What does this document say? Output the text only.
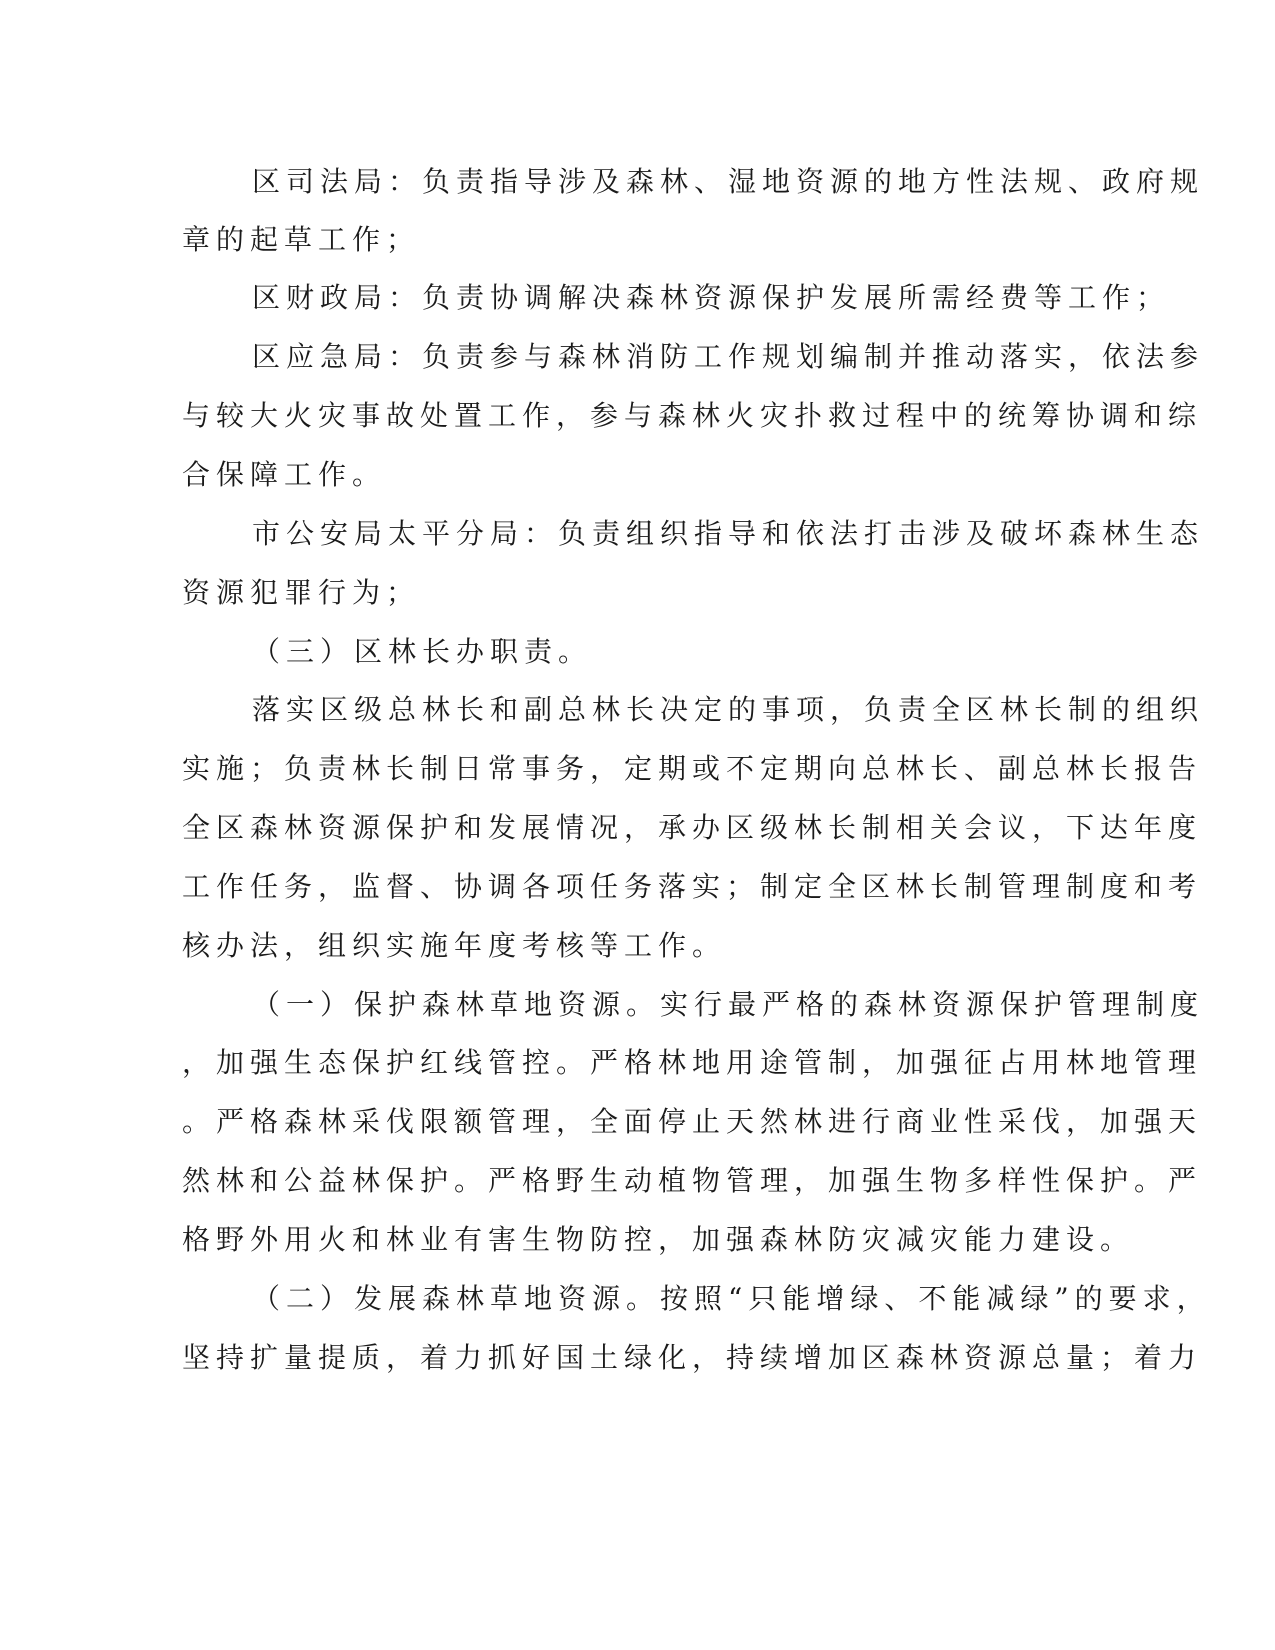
区司法局：负责指导涉及森林、湿地资源的地方性法规、政府规
章的起草工作；
区财政局：负责协调解决森林资源保护发展所需经费等工作；
区应急局：负责参与森林消防工作规划编制并推动落实，依法参
与较大火灾事故处置工作，参与森林火灾扑救过程中的统筹协调和综
合保障工作。
市公安局太平分局：负责组织指导和依法打击涉及破坏森林生态
资源犯罪行为；
（三）区林长办职责。
落实区级总林长和副总林长决定的事项，负责全区林长制的组织
实施；负责林长制日常事务，定期或不定期向总林长、副总林长报告
全区森林资源保护和发展情况，承办区级林长制相关会议，下达年度
工作任务，监督、协调各项任务落实；制定全区林长制管理制度和考
核办法，组织实施年度考核等工作。
（一）保护森林草地资源。实行最严格的森林资源保护管理制度
，加强生态保护红线管控。严格林地用途管制，加强征占用林地管理
。严格森林采伐限额管理，全面停止天然林进行商业性采伐，加强天
然林和公益林保护。严格野生动植物管理，加强生物多样性保护。严
格野外用火和林业有害生物防控，加强森林防灾减灾能力建设。
（二）发展森林草地资源。按照“只能增绿、不能减绿”的要求，
坚持扩量提质，着力抓好国土绿化，持续增加区森林资源总量；着力
